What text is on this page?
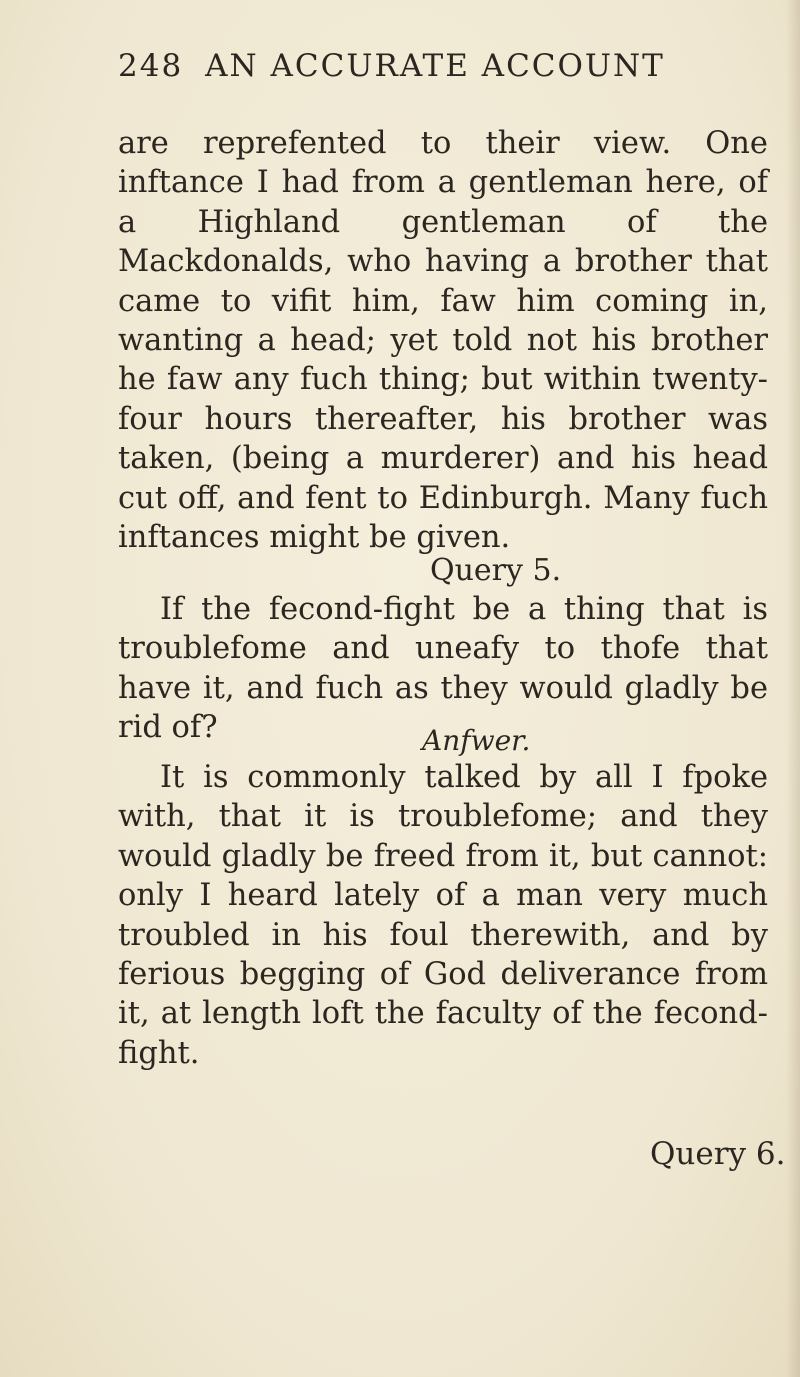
248 AN ACCURATE ACCOUNT

are reprefented to their view. One inftance I had from a gentleman here, of a Highland gentleman of the Mackdonalds, who having a brother that came to vifit him, faw him coming in, wanting a head; yet told not his brother he faw any fuch thing; but within twenty-four hours thereafter, his brother was taken, (being a murderer) and his head cut off, and fent to Edinburgh. Many fuch inftances might be given.

Query 5.

If the fecond-fight be a thing that is troublefome and uneafy to thofe that have it, and fuch as they would gladly be rid of?	Anfwer.

It is commonly talked by all I fpoke with, that it is troublefome; and they would gladly be freed from it, but cannot: only I heard lately of a man very much troubled in his foul therewith, and by ferious begging of God deliverance from it, at length loft the faculty of the fecond-fight.

Query 6.
